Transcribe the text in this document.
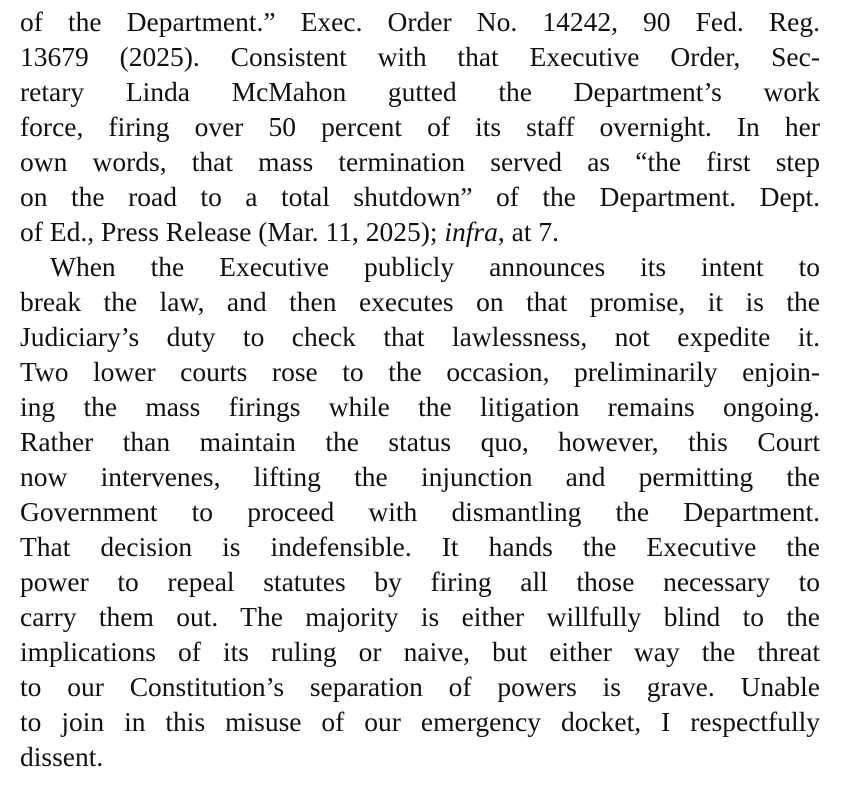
of the Department.” Exec. Order No. 14242, 90 Fed. Reg.
13679 (2025). Consistent with that Executive Order, Sec-
retary Linda McMahon gutted the Department’s work
force, firing over 50 percent of its staff overnight. In her
own words, that mass termination served as “the first step
on the road to a total shutdown” of the Department. Dept.
of Ed., Press Release (Mar. 11, 2025); infra, at 7.
When the Executive publicly announces its intent to
break the law, and then executes on that promise, it is the
Judiciary’s duty to check that lawlessness, not expedite it.
Two lower courts rose to the occasion, preliminarily enjoin-
ing the mass firings while the litigation remains ongoing.
Rather than maintain the status quo, however, this Court
now intervenes, lifting the injunction and permitting the
Government to proceed with dismantling the Department.
That decision is indefensible. It hands the Executive the
power to repeal statutes by firing all those necessary to
carry them out. The majority is either willfully blind to the
implications of its ruling or naive, but either way the threat
to our Constitution’s separation of powers is grave. Unable
to join in this misuse of our emergency docket, I respectfully
dissent.
